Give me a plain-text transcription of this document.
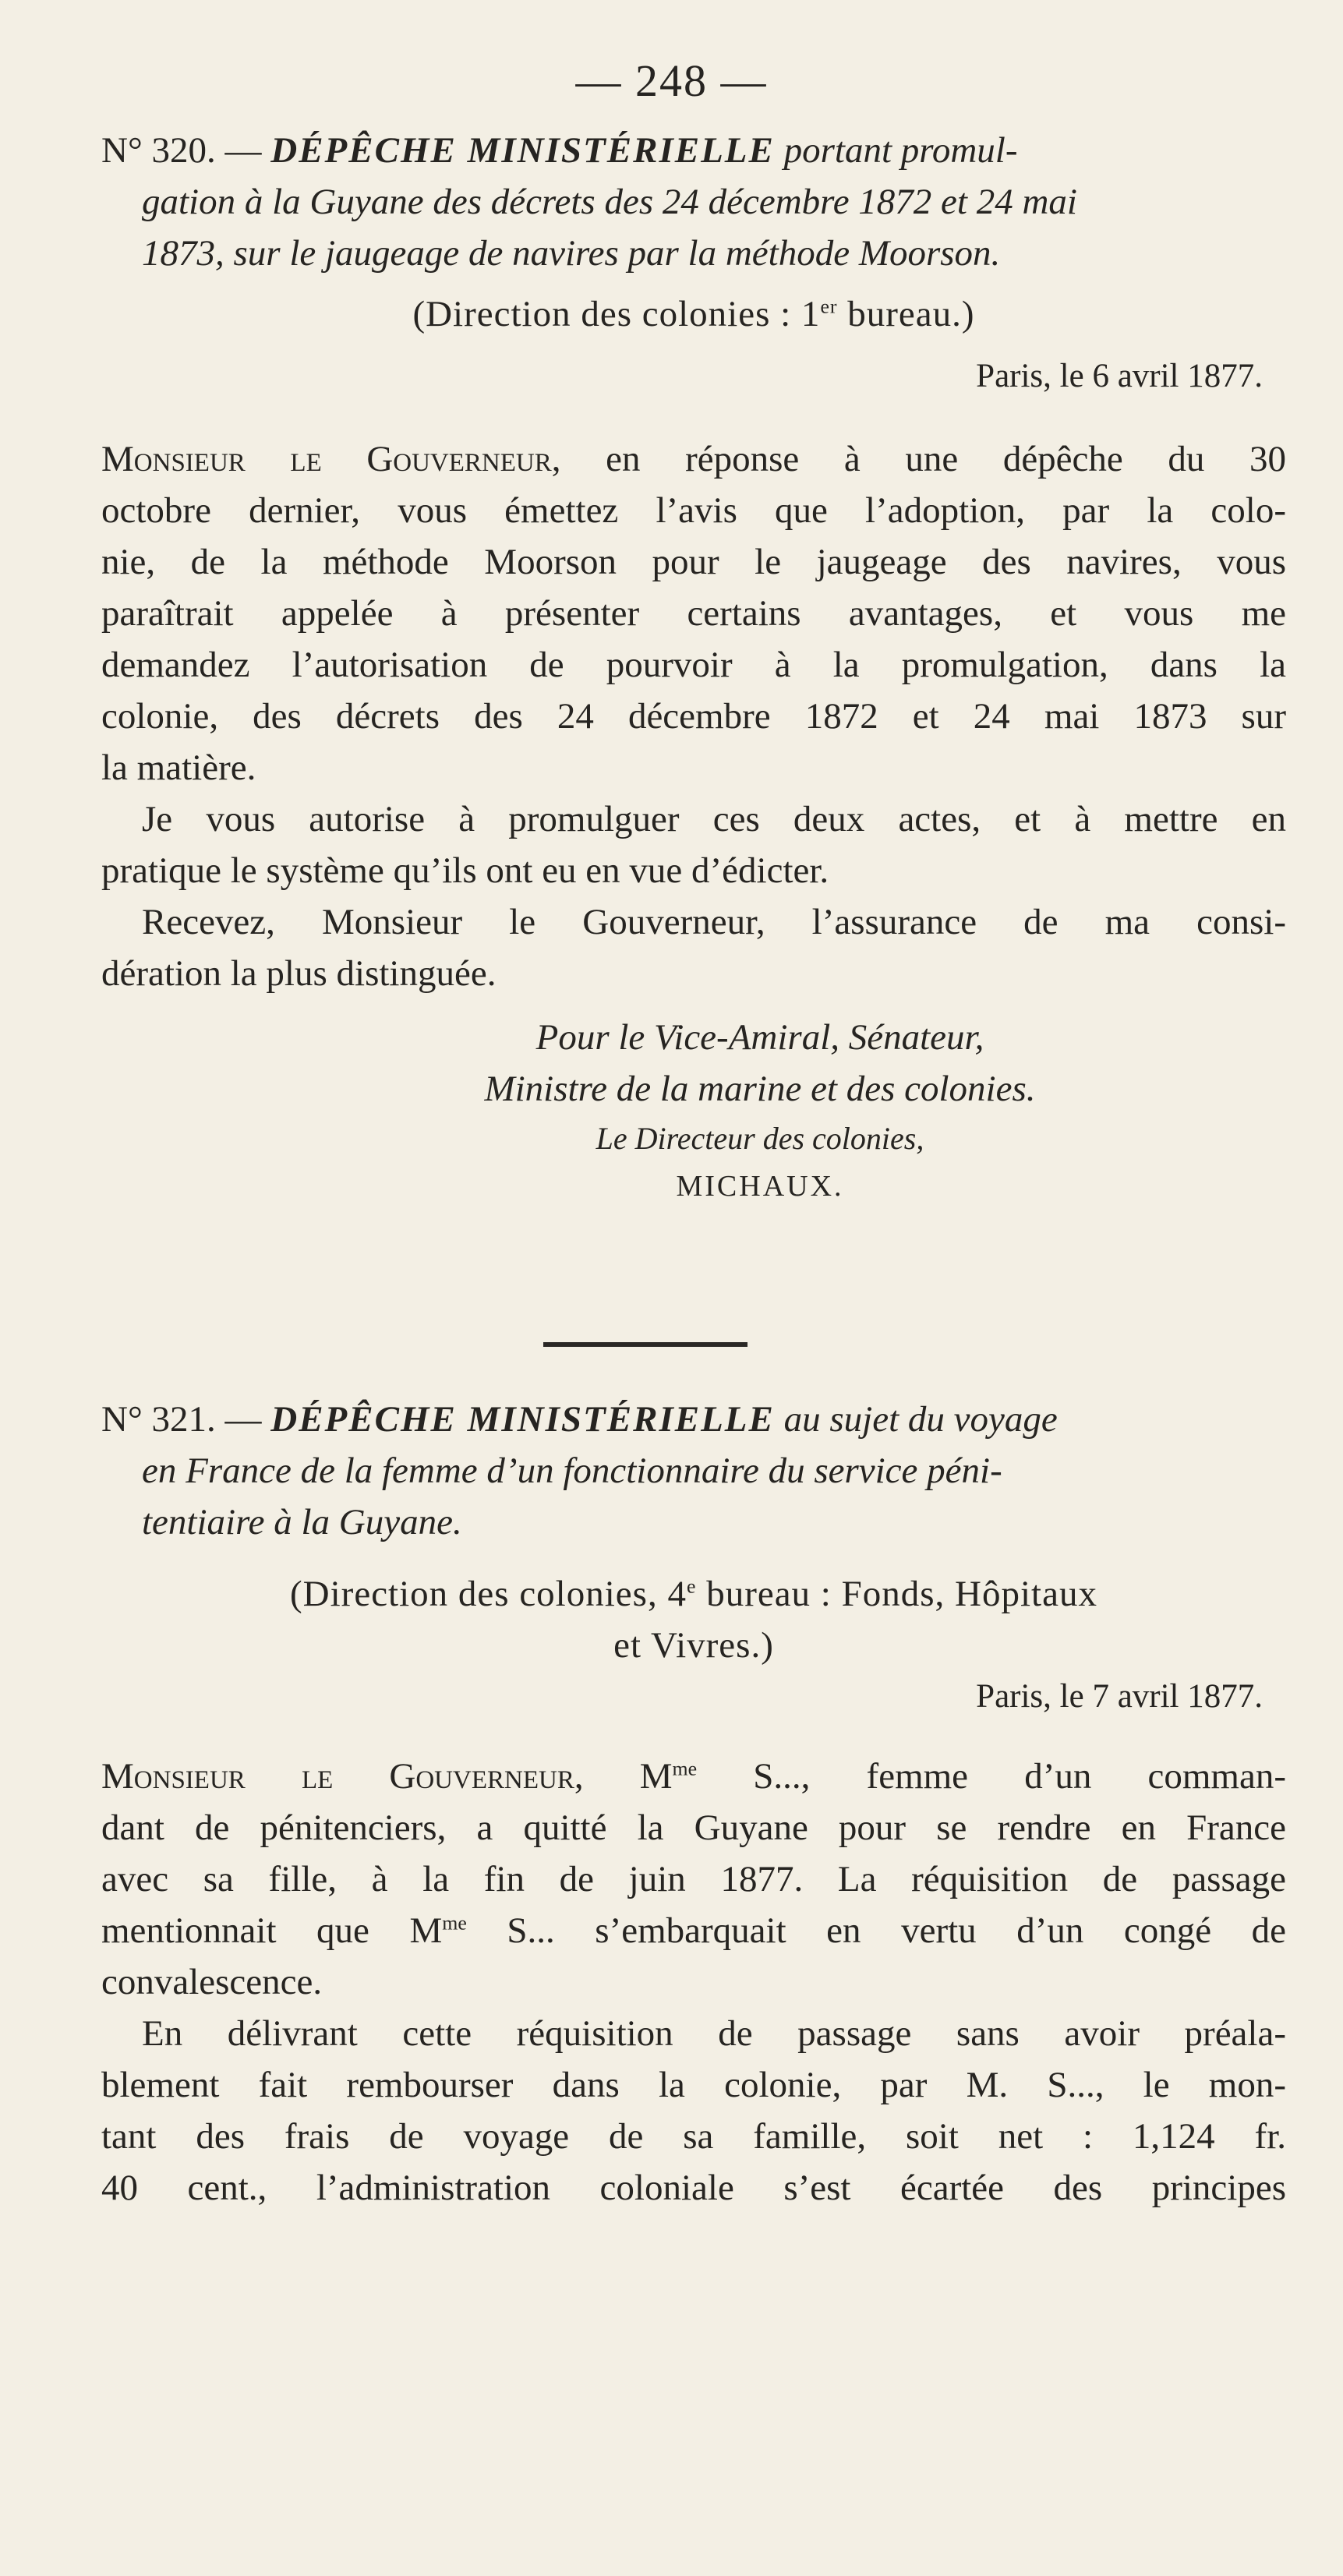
— 248 —

N° 320. — DÉPÊCHE MINISTÉRIELLE portant promul-
gation à la Guyane des décrets des 24 décembre 1872 et 24 mai
1873, sur le jaugeage de navires par la méthode Moorson.

(Direction des colonies : 1er bureau.)

Paris, le 6 avril 1877.

Monsieur le Gouverneur, en réponse à une dépêche du 30
octobre dernier, vous émettez l’avis que l’adoption, par la colo-
nie, de la méthode Moorson pour le jaugeage des navires, vous
paraîtrait appelée à présenter certains avantages, et vous me
demandez l’autorisation de pourvoir à la promulgation, dans la
colonie, des décrets des 24 décembre 1872 et 24 mai 1873 sur
la matière.
Je vous autorise à promulguer ces deux actes, et à mettre en
pratique le système qu’ils ont eu en vue d’édicter.
Recevez, Monsieur le Gouverneur, l’assurance de ma consi-
dération la plus distinguée.

Pour le Vice-Amiral, Sénateur,

Ministre de la marine et des colonies.

Le Directeur des colonies,

MICHAUX.

N° 321. — DÉPÊCHE MINISTÉRIELLE au sujet du voyage
en France de la femme d’un fonctionnaire du service péni-
tentiaire à la Guyane.

(Direction des colonies, 4e bureau : Fonds, Hôpitaux

et Vivres.)

Paris, le 7 avril 1877.

Monsieur le Gouverneur, $M^{me}$ S..., femme d’un comman-
dant de pénitenciers, a quitté la Guyane pour se rendre en France
avec sa fille, à la fin de juin 1877. La réquisition de passage
mentionnait que $M^{me}$ S... s’embarquait en vertu d’un congé de
convalescence.
En délivrant cette réquisition de passage sans avoir préala-
blement fait rembourser dans la colonie, par M. S..., le mon-
tant des frais de voyage de sa famille, soit net : 1,124 fr.
40 cent., l’administration coloniale s’est écartée des principes
